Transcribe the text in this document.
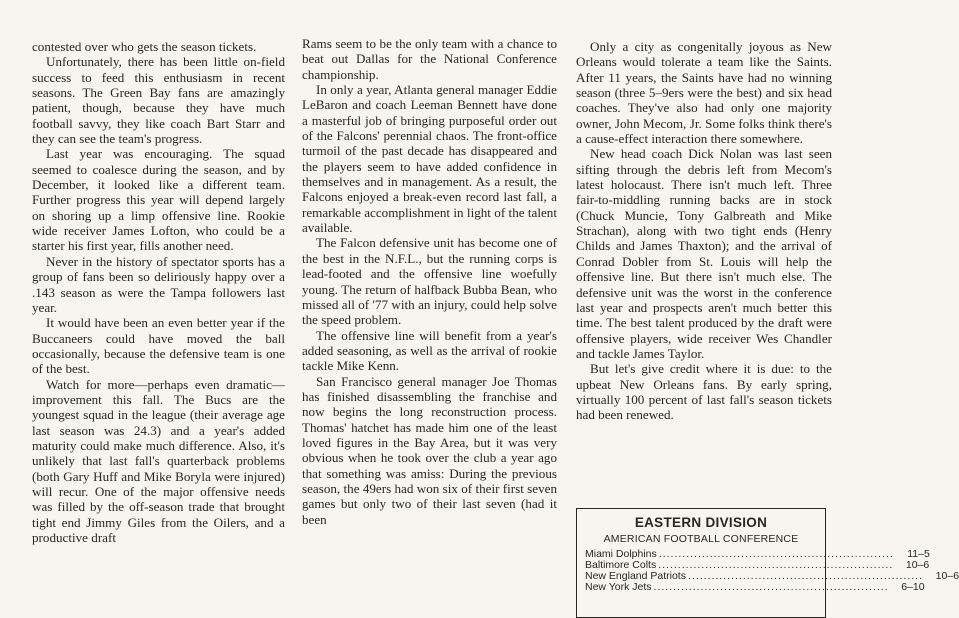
contested over who gets the season tickets.

Unfortunately, there has been little on-field success to feed this enthusiasm in recent seasons. The Green Bay fans are amazingly patient, though, because they have much football savvy, they like coach Bart Starr and they can see the team's progress.

Last year was encouraging. The squad seemed to coalesce during the season, and by December, it looked like a different team. Further progress this year will depend largely on shoring up a limp offensive line. Rookie wide receiver James Lofton, who could be a starter his first year, fills another need.

Never in the history of spectator sports has a group of fans been so deliriously happy over a .143 season as were the Tampa followers last year.

It would have been an even better year if the Buccaneers could have moved the ball occasionally, because the defensive team is one of the best.

Watch for more—perhaps even dramatic—improvement this fall. The Bucs are the youngest squad in the league (their average age last season was 24.3) and a year's added maturity could make much difference. Also, it's unlikely that last fall's quarterback problems (both Gary Huff and Mike Boryla were injured) will recur. One of the major offensive needs was filled by the off-season trade that brought tight end Jimmy Giles from the Oilers, and a productive draft

Rams seem to be the only team with a chance to beat out Dallas for the National Conference championship.

In only a year, Atlanta general manager Eddie LeBaron and coach Leeman Bennett have done a masterful job of bringing purposeful order out of the Falcons' perennial chaos. The front-office turmoil of the past decade has disappeared and the players seem to have added confidence in themselves and in management. As a result, the Falcons enjoyed a break-even record last fall, a remarkable accomplishment in light of the talent available.

The Falcon defensive unit has become one of the best in the N.F.L., but the running corps is lead-footed and the offensive line woefully young. The return of halfback Bubba Bean, who missed all of '77 with an injury, could help solve the speed problem.

The offensive line will benefit from a year's added seasoning, as well as the arrival of rookie tackle Mike Kenn.

San Francisco general manager Joe Thomas has finished disassembling the franchise and now begins the long reconstruction process. Thomas' hatchet has made him one of the least loved figures in the Bay Area, but it was very obvious when he took over the club a year ago that something was amiss: During the previous season, the 49ers had won six of their first seven games but only two of their last seven (had it been

Only a city as congenitally joyous as New Orleans would tolerate a team like the Saints. After 11 years, the Saints have had no winning season (three 5–9ers were the best) and six head coaches. They've also had only one majority owner, John Mecom, Jr. Some folks think there's a cause-effect interaction there somewhere.

New head coach Dick Nolan was last seen sifting through the debris left from Mecom's latest holocaust. There isn't much left. Three fair-to-middling running backs are in stock (Chuck Muncie, Tony Galbreath and Mike Strachan), along with two tight ends (Henry Childs and James Thaxton); and the arrival of Conrad Dobler from St. Louis will help the offensive line. But there isn't much else. The defensive unit was the worst in the conference last year and prospects aren't much better this time. The best talent produced by the draft were offensive players, wide receiver Wes Chandler and tackle James Taylor.

But let's give credit where it is due: to the upbeat New Orleans fans. By early spring, virtually 100 percent of last fall's season tickets had been renewed.

EASTERN DIVISION
AMERICAN FOOTBALL CONFERENCE
Miami Dolphins ............................................................	11–5
Baltimore Colts ............................................................	10–6
New England Patriots ............................................................	10–6
New York Jets ............................................................	6–10
